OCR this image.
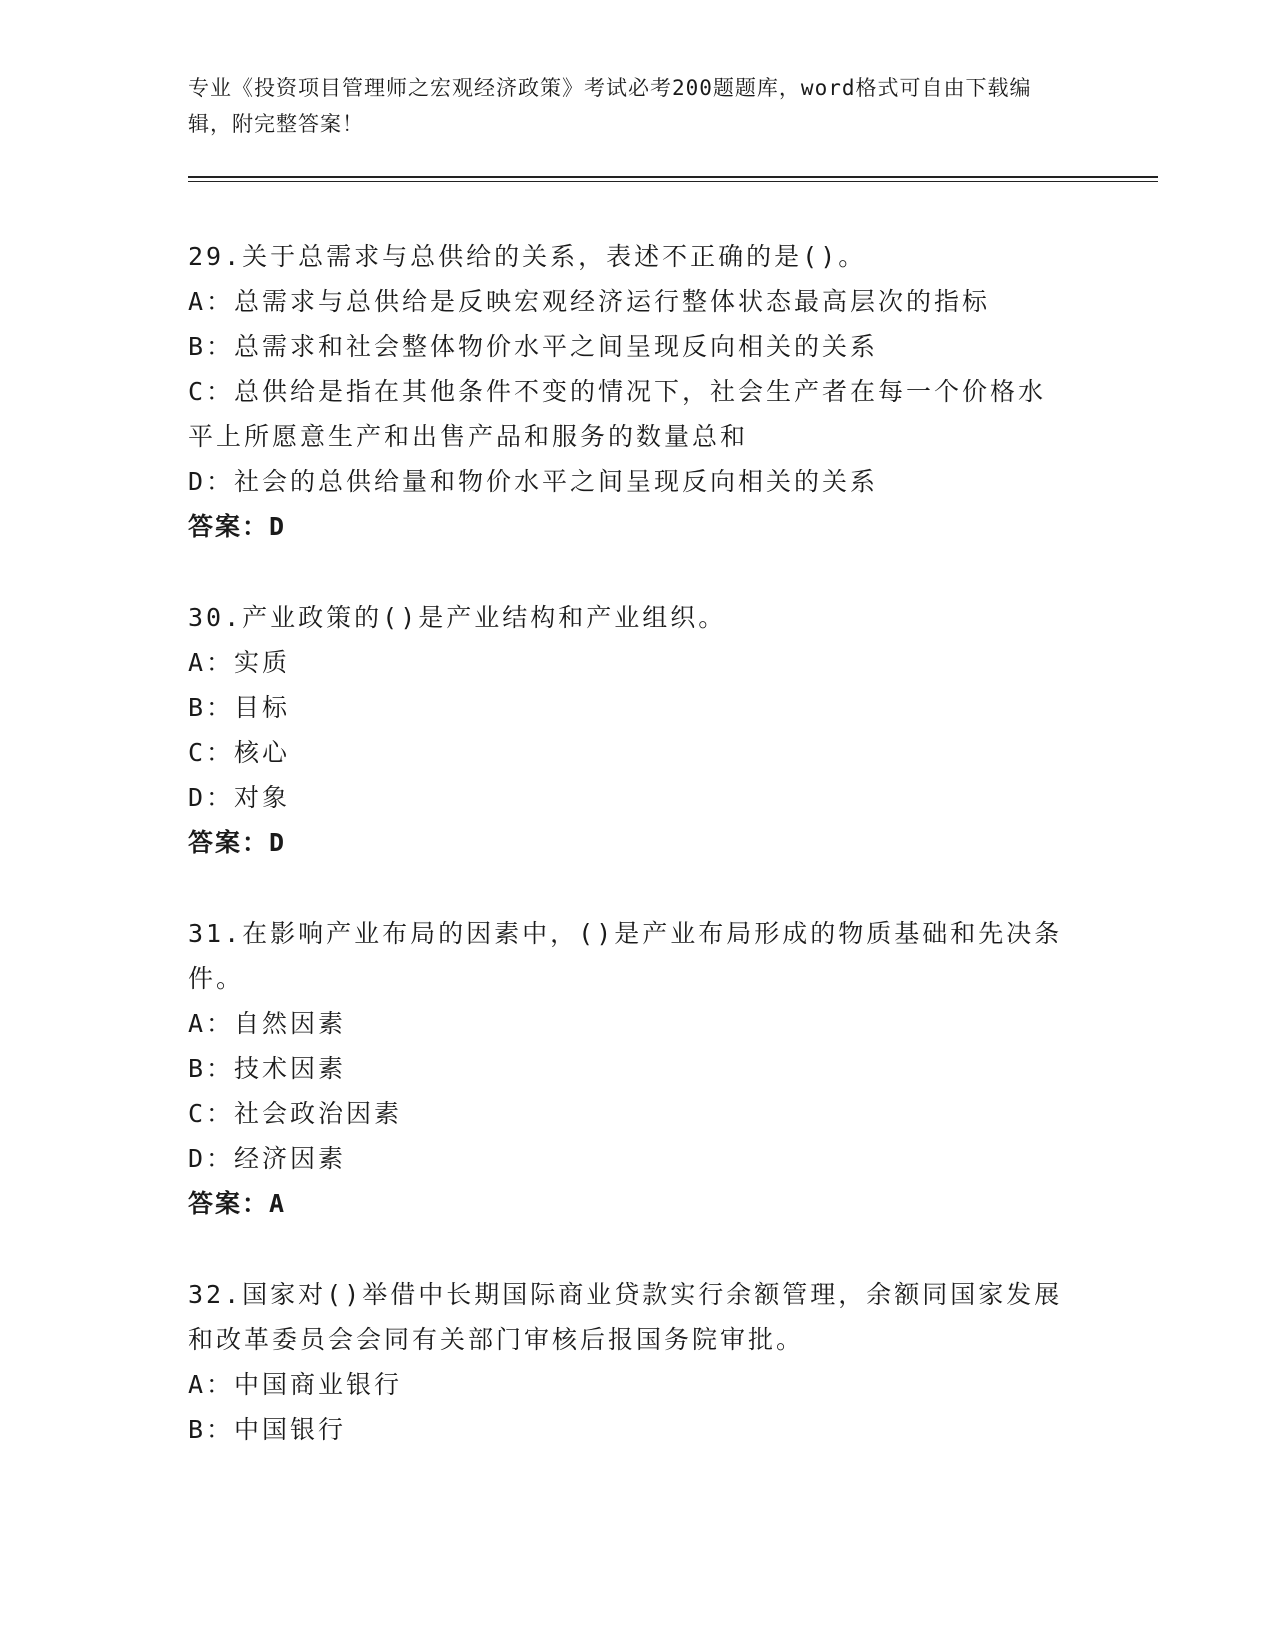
专业《投资项目管理师之宏观经济政策》考试必考200题题库，word格式可自由下载编辑，附完整答案！
29.关于总需求与总供给的关系，表述不正确的是()。
A：总需求与总供给是反映宏观经济运行整体状态最高层次的指标
B：总需求和社会整体物价水平之间呈现反向相关的关系
C：总供给是指在其他条件不变的情况下，社会生产者在每一个价格水平上所愿意生产和出售产品和服务的数量总和
D：社会的总供给量和物价水平之间呈现反向相关的关系
答案：D
30.产业政策的()是产业结构和产业组织。
A：实质
B：目标
C：核心
D：对象
答案：D
31.在影响产业布局的因素中，()是产业布局形成的物质基础和先决条件。
A：自然因素
B：技术因素
C：社会政治因素
D：经济因素
答案：A
32.国家对()举借中长期国际商业贷款实行余额管理，余额同国家发展和改革委员会会同有关部门审核后报国务院审批。
A：中国商业银行
B：中国银行
